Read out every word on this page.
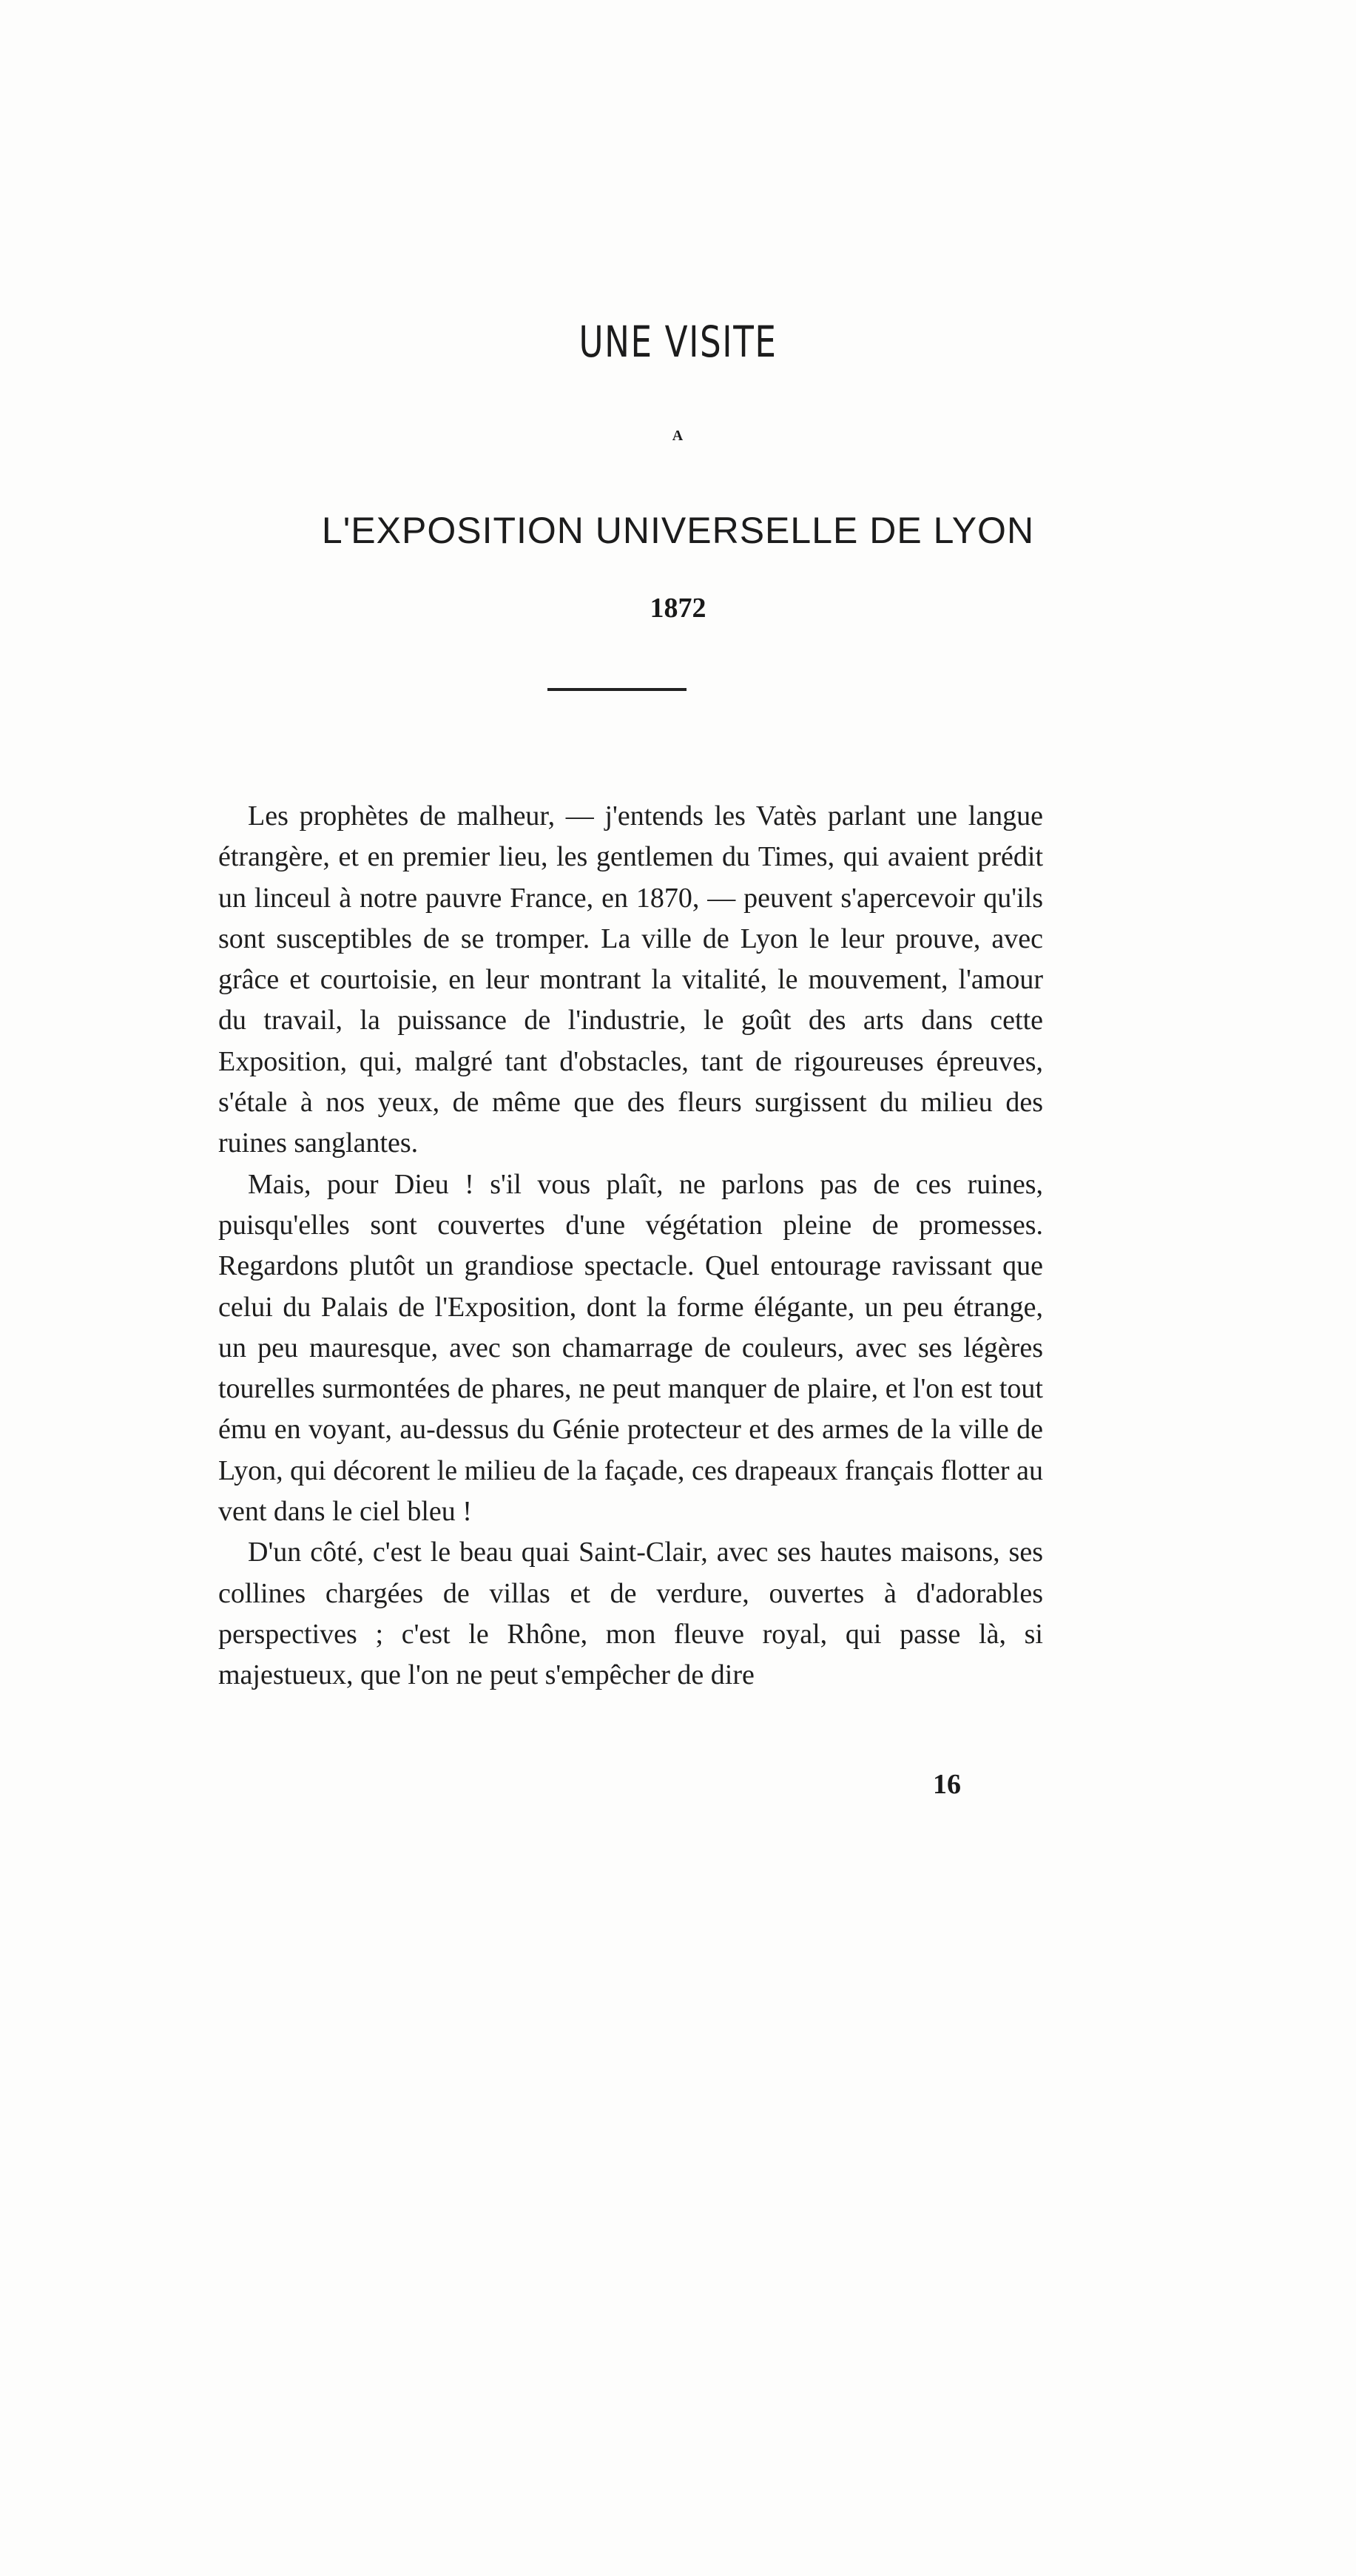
UNE VISITE
A
L'EXPOSITION UNIVERSELLE DE LYON
1872

Les prophètes de malheur, — j'entends les Vatès parlant une langue étrangère, et en premier lieu, les gentlemen du Times, qui avaient prédit un linceul à notre pauvre France, en 1870, — peuvent s'apercevoir qu'ils sont susceptibles de se tromper. La ville de Lyon le leur prouve, avec grâce et courtoisie, en leur montrant la vitalité, le mouvement, l'amour du travail, la puissance de l'industrie, le goût des arts dans cette Exposition, qui, malgré tant d'obstacles, tant de rigoureuses épreuves, s'étale à nos yeux, de même que des fleurs surgissent du milieu des ruines sanglantes.

Mais, pour Dieu ! s'il vous plaît, ne parlons pas de ces ruines, puisqu'elles sont couvertes d'une végétation pleine de promesses. Regardons plutôt un grandiose spectacle. Quel entourage ravissant que celui du Palais de l'Exposition, dont la forme élégante, un peu étrange, un peu mauresque, avec son chamarrage de couleurs, avec ses légères tourelles surmontées de phares, ne peut manquer de plaire, et l'on est tout ému en voyant, au-dessus du Génie protecteur et des armes de la ville de Lyon, qui décorent le milieu de la façade, ces drapeaux français flotter au vent dans le ciel bleu !

D'un côté, c'est le beau quai Saint-Clair, avec ses hautes maisons, ses collines chargées de villas et de verdure, ouvertes à d'adorables perspectives ; c'est le Rhône, mon fleuve royal, qui passe là, si majestueux, que l'on ne peut s'empêcher de dire

16
